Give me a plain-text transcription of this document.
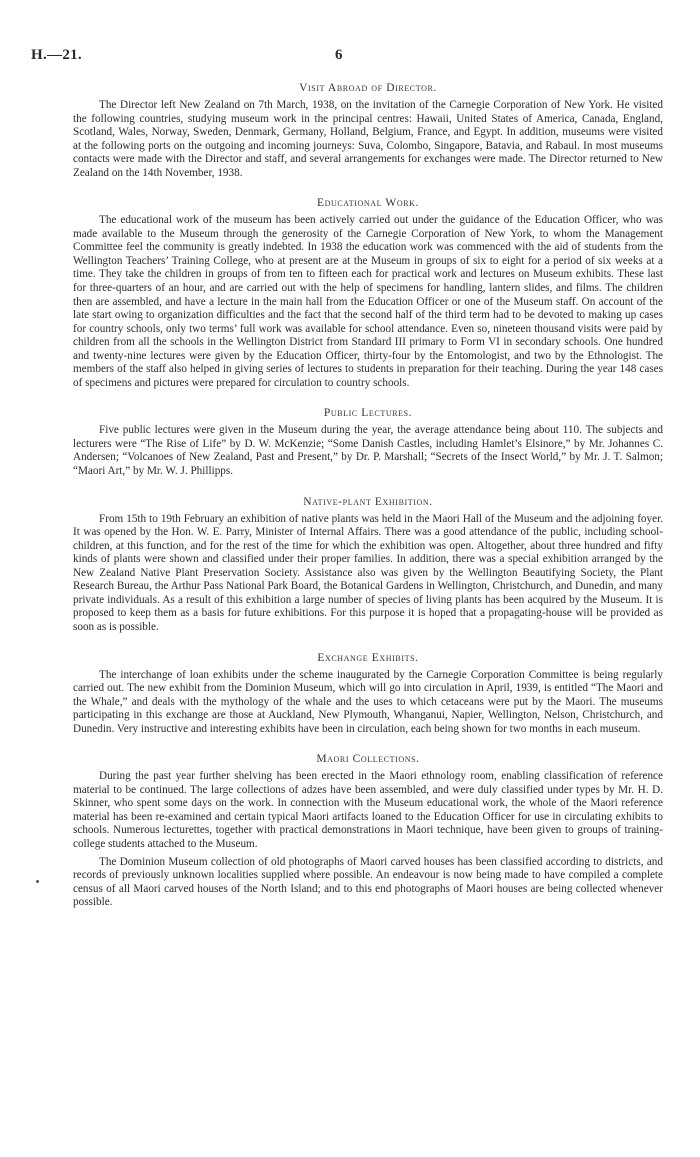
H.—21.	6
Visit Abroad of Director.

The Director left New Zealand on 7th March, 1938, on the invitation of the Carnegie Corporation of New York. He visited the following countries, studying museum work in the principal centres: Hawaii, United States of America, Canada, England, Scotland, Wales, Norway, Sweden, Denmark, Germany, Holland, Belgium, France, and Egypt. In addition, museums were visited at the following ports on the outgoing and incoming journeys: Suva, Colombo, Singapore, Batavia, and Rabaul. In most museums contacts were made with the Director and staff, and several arrangements for exchanges were made. The Director returned to New Zealand on the 14th November, 1938.

Educational Work.

The educational work of the museum has been actively carried out under the guidance of the Education Officer, who was made available to the Museum through the generosity of the Carnegie Corporation of New York, to whom the Management Committee feel the community is greatly indebted. In 1938 the education work was commenced with the aid of students from the Wellington Teachers’ Training College, who at present are at the Museum in groups of six to eight for a period of six weeks at a time. They take the children in groups of from ten to fifteen each for practical work and lectures on Museum exhibits. These last for three-quarters of an hour, and are carried out with the help of specimens for handling, lantern slides, and films. The children then are assembled, and have a lecture in the main hall from the Education Officer or one of the Museum staff. On account of the late start owing to organization difficulties and the fact that the second half of the third term had to be devoted to making up cases for country schools, only two terms’ full work was available for school attendance. Even so, nineteen thousand visits were paid by children from all the schools in the Wellington District from Standard III primary to Form VI in secondary schools. One hundred and twenty-nine lectures were given by the Education Officer, thirty-four by the Entomologist, and two by the Ethnologist. The members of the staff also helped in giving series of lectures to students in preparation for their teaching. During the year 148 cases of specimens and pictures were prepared for circulation to country schools.

Public Lectures.

Five public lectures were given in the Museum during the year, the average attendance being about 110. The subjects and lecturers were “The Rise of Life” by D. W. McKenzie; “Some Danish Castles, including Hamlet’s Elsinore,” by Mr. Johannes C. Andersen; “Volcanoes of New Zealand, Past and Present,” by Dr. P. Marshall; “Secrets of the Insect World,” by Mr. J. T. Salmon; “Maori Art,” by Mr. W. J. Phillipps.

Native-plant Exhibition.

From 15th to 19th February an exhibition of native plants was held in the Maori Hall of the Museum and the adjoining foyer. It was opened by the Hon. W. E. Parry, Minister of Internal Affairs. There was a good attendance of the public, including school-children, at this function, and for the rest of the time for which the exhibition was open. Altogether, about three hundred and fifty kinds of plants were shown and classified under their proper families. In addition, there was a special exhibition arranged by the New Zealand Native Plant Preservation Society. Assistance also was given by the Wellington Beautifying Society, the Plant Research Bureau, the Arthur Pass National Park Board, the Botanical Gardens in Wellington, Christchurch, and Dunedin, and many private individuals. As a result of this exhibition a large number of species of living plants has been acquired by the Museum. It is proposed to keep them as a basis for future exhibitions. For this purpose it is hoped that a propagating-house will be provided as soon as is possible.

Exchange Exhibits.

The interchange of loan exhibits under the scheme inaugurated by the Carnegie Corporation Committee is being regularly carried out. The new exhibit from the Dominion Museum, which will go into circulation in April, 1939, is entitled “The Maori and the Whale,” and deals with the mythology of the whale and the uses to which cetaceans were put by the Maori. The museums participating in this exchange are those at Auckland, New Plymouth, Whanganui, Napier, Wellington, Nelson, Christchurch, and Dunedin. Very instructive and interesting exhibits have been in circulation, each being shown for two months in each museum.

Maori Collections.

During the past year further shelving has been erected in the Maori ethnology room, enabling classification of reference material to be continued. The large collections of adzes have been assembled, and were duly classified under types by Mr. H. D. Skinner, who spent some days on the work. In connection with the Museum educational work, the whole of the Maori reference material has been re-examined and certain typical Maori artifacts loaned to the Education Officer for use in circulating exhibits to schools. Numerous lecturettes, together with practical demonstrations in Maori technique, have been given to groups of training-college students attached to the Museum.

The Dominion Museum collection of old photographs of Maori carved houses has been classified according to districts, and records of previously unknown localities supplied where possible. An endeavour is now being made to have compiled a complete census of all Maori carved houses of the North Island; and to this end photographs of Maori houses are being collected whenever possible.
